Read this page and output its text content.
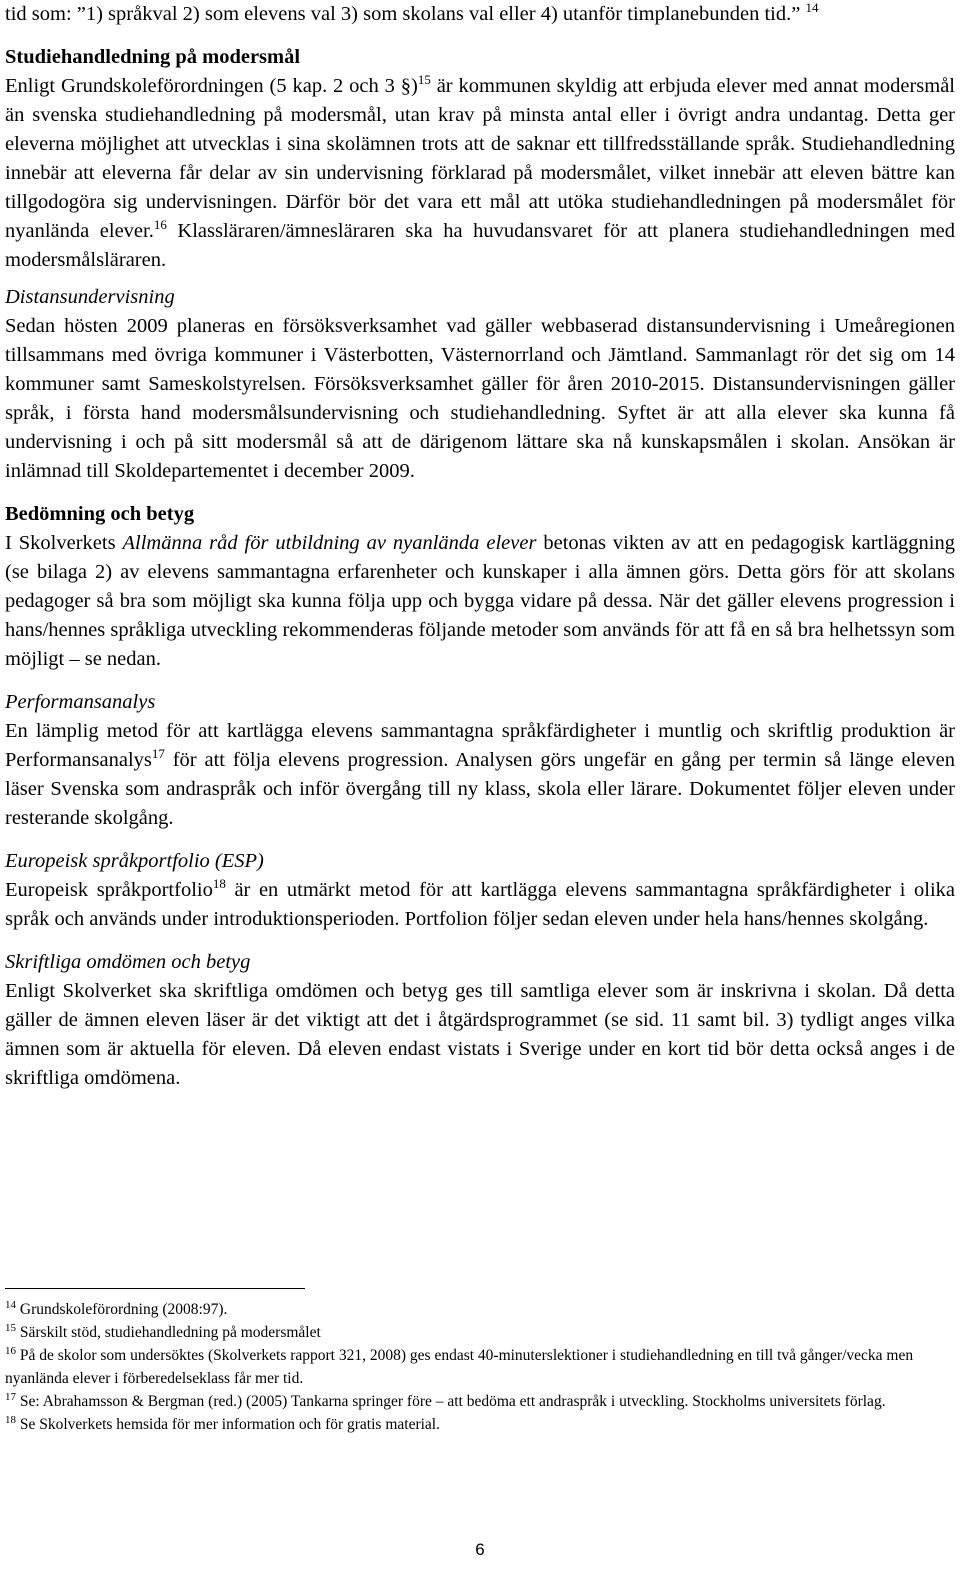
tid som: ”1) språkval 2) som elevens val 3) som skolans val eller 4) utanför timplanebunden tid.” $^{14}$

Studiehandledning på modersmål

Enligt Grundskoleförordningen (5 kap. 2 och 3 §)$^{15}$ är kommunen skyldig att erbjuda elever med annat modersmål än svenska studiehandledning på modersmål, utan krav på minsta antal eller i övrigt andra undantag. Detta ger eleverna möjlighet att utvecklas i sina skolämnen trots att de saknar ett tillfredsställande språk. Studiehandledning innebär att eleverna får delar av sin undervisning förklarad på modersmålet, vilket innebär att eleven bättre kan tillgodogöra sig undervisningen. Därför bör det vara ett mål att utöka studiehandledningen på modersmålet för nyanlända elever.$^{16}$ Klassläraren/ämnesläraren ska ha huvudansvaret för att planera studiehandledningen med modersmålsläraren.

Distansundervisning

Sedan hösten 2009 planeras en försöksverksamhet vad gäller webbaserad distansundervisning i Umeåregionen tillsammans med övriga kommuner i Västerbotten, Västernorrland och Jämtland. Sammanlagt rör det sig om 14 kommuner samt Sameskolstyrelsen. Försöksverksamhet gäller för åren 2010-2015. Distansundervisningen gäller språk, i första hand modersmålsundervisning och studiehandledning. Syftet är att alla elever ska kunna få undervisning i och på sitt modersmål så att de därigenom lättare ska nå kunskapsmålen i skolan. Ansökan är inlämnad till Skoldepartementet i december 2009.

Bedömning och betyg

I Skolverkets Allmänna råd för utbildning av nyanlända elever betonas vikten av att en pedagogisk kartläggning (se bilaga 2) av elevens sammantagna erfarenheter och kunskaper i alla ämnen görs. Detta görs för att skolans pedagoger så bra som möjligt ska kunna följa upp och bygga vidare på dessa. När det gäller elevens progression i hans/hennes språkliga utveckling rekommenderas följande metoder som används för att få en så bra helhetssyn som möjligt – se nedan.

Performansanalys

En lämplig metod för att kartlägga elevens sammantagna språkfärdigheter i muntlig och skriftlig produktion är Performansanalys$^{17}$ för att följa elevens progression. Analysen görs ungefär en gång per termin så länge eleven läser Svenska som andraspråk och inför övergång till ny klass, skola eller lärare. Dokumentet följer eleven under resterande skolgång.

Europeisk språkportfolio (ESP)

Europeisk språkportfolio$^{18}$ är en utmärkt metod för att kartlägga elevens sammantagna språkfärdigheter i olika språk och används under introduktionsperioden. Portfolion följer sedan eleven under hela hans/hennes skolgång.

Skriftliga omdömen och betyg

Enligt Skolverket ska skriftliga omdömen och betyg ges till samtliga elever som är inskrivna i skolan. Då detta gäller de ämnen eleven läser är det viktigt att det i åtgärdsprogrammet (se sid. 11 samt bil. 3) tydligt anges vilka ämnen som är aktuella för eleven. Då eleven endast vistats i Sverige under en kort tid bör detta också anges i de skriftliga omdömena.

$^{14}$ Grundskoleförordning (2008:97).

$^{15}$ Särskilt stöd, studiehandledning på modersmålet

$^{16}$ På de skolor som undersöktes (Skolverkets rapport 321, 2008) ges endast 40-minuterslektioner i studiehandledning en till två gånger/vecka men nyanlända elever i förberedelseklass får mer tid.

$^{17}$ Se: Abrahamsson & Bergman (red.) (2005) Tankarna springer före – att bedöma ett andraspråk i utveckling. Stockholms universitets förlag.

$^{18}$ Se Skolverkets hemsida för mer information och för gratis material.

6
